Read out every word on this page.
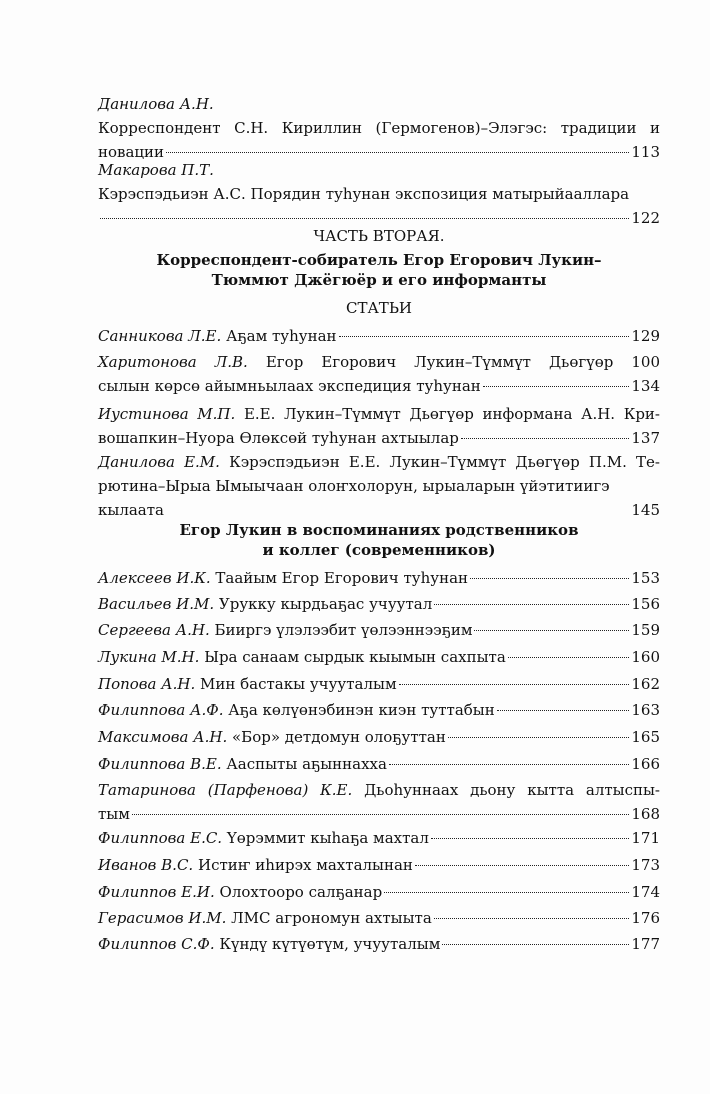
Данилова А.Н.
Корреспондент С.Н. Кириллин (Гермогенов)–Элэгэс: традиции и
новации	113
Макарова П.Т.
Кэрэспэдьиэн А.С. Порядин туһунан экспозиция матырыйааллара
122
ЧАСТЬ ВТОРАЯ.
Корреспондент-собиратель Егор Егорович Лукин–
Тюммют Джёгюёр и его информанты
СТАТЬИ
Санникова Л.Е. Аҕам туһунан	129
Харитонова Л.В. Егор Егорович Лукин–Түммүт Дьөгүөр 100
сылын көрсө айымньылаах экспедиция туһунан	134
Иустинова М.П. Е.Е. Лукин–Түммүт Дьөгүөр информана А.Н. Кри-
вошапкин–Нуора Өлөксөй туһунан ахтыылар	137
Данилова Е.М. Кэрэспэдьиэн Е.Е. Лукин–Түммүт Дьөгүөр П.М. Те-
рютина–Ырыа Ымыычаан олоҥхолорун, ырыаларын үйэтитиигэ
кылаата	145
Егор Лукин в воспоминаниях родственников
и коллег (современников)
Алексеев И.К. Таайым Егор Егорович туһунан	153
Васильев И.М. Урукку кырдьаҕас учуутал	156
Сергеева А.Н. Бииргэ үлэлээбит үөлээннээҕим	159
Лукина М.Н. Ыра санаам сырдык кыымын сахпыта	160
Попова А.Н. Мин бастакы учууталым	162
Филиппова А.Ф. Аҕа көлүөнэбинэн киэн туттабын	163
Максимова А.Н. «Бор» детдомун олоҕуттан	165
Филиппова В.Е. Ааспыты аҕыннаххa	166
Татаринова (Парфенова) К.Е. Дьоһуннаах дьону кытта алтыспы-
тым	168
Филиппова Е.С. Үөрэммит кыһаҕа махтал	171
Иванов В.С. Истиҥ иһирэх махталынан	173
Филиппов Е.И. Олохтоoро салҕанар	174
Герасимов И.М. ЛМС агрономун ахтыыта	176
Филиппов С.Ф. Күндү күтүөтүм, учууталым	177
